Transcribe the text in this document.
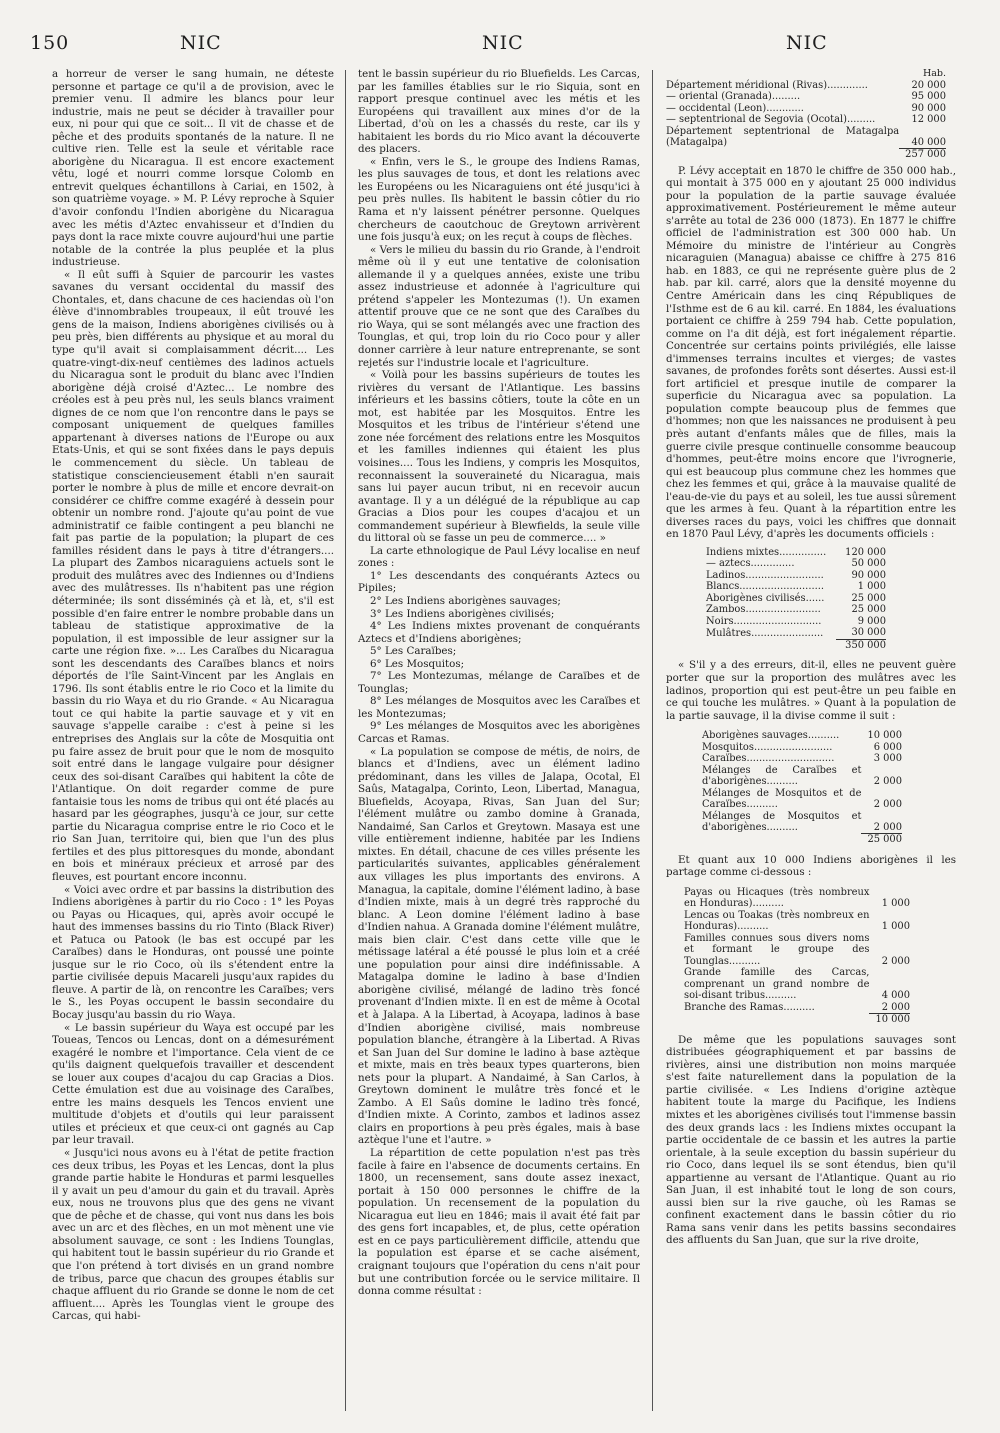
150	NIC	NIC	NIC

a horreur de verser le sang humain, ne déteste personne et partage ce qu'il a de provision, avec le premier venu. Il admire les blancs pour leur industrie, mais ne peut se décider à travailler pour eux, ni pour qui que ce soit... Il vit de chasse et de pêche et des produits spontanés de la nature. Il ne cultive rien. Telle est la seule et véritable race aborigène du Nicaragua. Il est encore exactement vêtu, logé et nourri comme lorsque Colomb en entrevit quelques échantillons à Cariai, en 1502, à son quatrième voyage. » M. P. Lévy reproche à Squier d'avoir confondu l'Indien aborigène du Nicaragua avec les métis d'Aztec envahisseur et d'Indien du pays dont la race mixte couvre aujourd'hui une partie notable de la contrée la plus peuplée et la plus industrieuse.

« Il eût suffi à Squier de parcourir les vastes savanes du versant occidental du massif des Chontales, et, dans chacune de ces haciendas où l'on élève d'innombrables troupeaux, il eût trouvé les gens de la maison, Indiens aborigènes civilisés ou à peu près, bien différents au physique et au moral du type qu'il avait si complaisamment décrit.... Les quatre-vingt-dix-neuf centièmes des ladinos actuels du Nicaragua sont le produit du blanc avec l'Indien aborigène déjà croisé d'Aztec... Le nombre des créoles est à peu près nul, les seuls blancs vraiment dignes de ce nom que l'on rencontre dans le pays se composant uniquement de quelques familles appartenant à diverses nations de l'Europe ou aux Etats-Unis, et qui se sont fixées dans le pays depuis le commencement du siècle. Un tableau de statistique consciencieusement établi n'en saurait porter le nombre à plus de mille et encore devrait-on considérer ce chiffre comme exagéré à dessein pour obtenir un nombre rond. J'ajoute qu'au point de vue administratif ce faible contingent a peu blanchi ne fait pas partie de la population; la plupart de ces familles résident dans le pays à titre d'étrangers.... La plupart des Zambos nicaraguiens actuels sont le produit des mulâtres avec des Indiennes ou d'Indiens avec des mulâtresses. Ils n'habitent pas une région déterminée; ils sont disséminés çà et là, et, s'il est possible d'en faire entrer le nombre probable dans un tableau de statistique approximative de la population, il est impossible de leur assigner sur la carte une région fixe. »... Les Caraïbes du Nicaragua sont les descendants des Caraïbes blancs et noirs déportés de l'île Saint-Vincent par les Anglais en 1796. Ils sont établis entre le rio Coco et la limite du bassin du rio Waya et du rio Grande. « Au Nicaragua tout ce qui habite la partie sauvage et y vit en sauvage s'appelle caraibe : c'est à peine si les entreprises des Anglais sur la côte de Mosquitia ont pu faire assez de bruit pour que le nom de mosquito soit entré dans le langage vulgaire pour désigner ceux des soi-disant Caraïbes qui habitent la côte de l'Atlantique. On doit regarder comme de pure fantaisie tous les noms de tribus qui ont été placés au hasard par les géographes, jusqu'à ce jour, sur cette partie du Nicaragua comprise entre le rio Coco et le rio San Juan, territoire qui, bien que l'un des plus fertiles et des plus pittoresques du monde, abondant en bois et minéraux précieux et arrosé par des fleuves, est pourtant encore inconnu.

« Voici avec ordre et par bassins la distribution des Indiens aborigènes à partir du rio Coco : 1° les Poyas ou Payas ou Hicaques, qui, après avoir occupé le haut des immenses bassins du rio Tinto (Black River) et Patuca ou Patook (le bas est occupé par les Caraïbes) dans le Honduras, ont poussé une pointe jusque sur le rio Coco, où ils s'étendent entre la partie civilisée depuis Macareli jusqu'aux rapides du fleuve. A partir de là, on rencontre les Caraïbes; vers le S., les Poyas occupent le bassin secondaire du Bocay jusqu'au bassin du rio Waya.

« Le bassin supérieur du Waya est occupé par les Toueas, Tencos ou Lencas, dont on a démesurément exagéré le nombre et l'importance. Cela vient de ce qu'ils daignent quelquefois travailler et descendent se louer aux coupes d'acajou du cap Gracias a Dios. Cette émulation est due au voisinage des Caraïbes, entre les mains desquels les Tencos envient une multitude d'objets et d'outils qui leur paraissent utiles et précieux et que ceux-ci ont gagnés au Cap par leur travail.

« Jusqu'ici nous avons eu à l'état de petite fraction ces deux tribus, les Poyas et les Lencas, dont la plus grande partie habite le Honduras et parmi lesquelles il y avait un peu d'amour du gain et du travail. Après eux, nous ne trouvons plus que des gens ne vivant que de pêche et de chasse, qui vont nus dans les bois avec un arc et des flèches, en un mot mènent une vie absolument sauvage, ce sont : les Indiens Tounglas, qui habitent tout le bassin supérieur du rio Grande et que l'on prétend à tort divisés en un grand nombre de tribus, parce que chacun des groupes établis sur chaque affluent du rio Grande se donne le nom de cet affluent.... Après les Tounglas vient le groupe des Carcas, qui habi-

tent le bassin supérieur du rio Bluefields. Les Carcas, par les familles établies sur le rio Siquia, sont en rapport presque continuel avec les métis et les Européens qui travaillent aux mines d'or de la Libertad, d'où on les a chassés du reste, car ils y habitaient les bords du rio Mico avant la découverte des placers.

« Enfin, vers le S., le groupe des Indiens Ramas, les plus sauvages de tous, et dont les relations avec les Européens ou les Nicaraguiens ont été jusqu'ici à peu près nulles. Ils habitent le bassin côtier du rio Rama et n'y laissent pénétrer personne. Quelques chercheurs de caoutchouc de Greytown arrivèrent une fois jusqu'à eux; on les reçut à coups de flèches.

« Vers le milieu du bassin du rio Grande, à l'endroit même où il y eut une tentative de colonisation allemande il y a quelques années, existe une tribu assez industrieuse et adonnée à l'agriculture qui prétend s'appeler les Montezumas (!). Un examen attentif prouve que ce ne sont que des Caraïbes du rio Waya, qui se sont mélangés avec une fraction des Tounglas, et qui, trop loin du rio Coco pour y aller donner carrière à leur nature entreprenante, se sont rejetés sur l'industrie locale et l'agriculture.

« Voilà pour les bassins supérieurs de toutes les rivières du versant de l'Atlantique. Les bassins inférieurs et les bassins côtiers, toute la côte en un mot, est habitée par les Mosquitos. Entre les Mosquitos et les tribus de l'intérieur s'étend une zone née forcément des relations entre les Mosquitos et les familles indiennes qui étaient les plus voisines.... Tous les Indiens, y compris les Mosquitos, reconnaissent la souveraineté du Nicaragua, mais sans lui payer aucun tribut, ni en recevoir aucun avantage. Il y a un délégué de la république au cap Gracias a Dios pour les coupes d'acajou et un commandement supérieur à Blewfields, la seule ville du littoral où se fasse un peu de commerce.... »

La carte ethnologique de Paul Lévy localise en neuf zones :

1° Les descendants des conquérants Aztecs ou Pipiles;

2° Les Indiens aborigènes sauvages;

3° Les Indiens aborigènes civilisés;

4° Les Indiens mixtes provenant de conquérants Aztecs et d'Indiens aborigènes;

5° Les Caraïbes;

6° Les Mosquitos;

7° Les Montezumas, mélange de Caraïbes et de Tounglas;

8° Les mélanges de Mosquitos avec les Caraïbes et les Montezumas;

9° Les mélanges de Mosquitos avec les aborigènes Carcas et Ramas.

« La population se compose de métis, de noirs, de blancs et d'Indiens, avec un élément ladino prédominant, dans les villes de Jalapa, Ocotal, El Saûs, Matagalpa, Corinto, Leon, Libertad, Managua, Bluefields, Acoyapa, Rivas, San Juan del Sur; l'élément mulâtre ou zambo domine à Granada, Nandaimé, San Carlos et Greytown. Masaya est une ville entièrement indienne, habitée par les Indiens mixtes. En détail, chacune de ces villes présente les particularités suivantes, applicables généralement aux villages les plus importants des environs. A Managua, la capitale, domine l'élément ladino, à base d'Indien mixte, mais à un degré très rapproché du blanc. A Leon domine l'élément ladino à base d'Indien nahua. A Granada domine l'élément mulâtre, mais bien clair. C'est dans cette ville que le métissage latéral a été poussé le plus loin et a créé une population pour ainsi dire indéfinissable. A Matagalpa domine le ladino à base d'Indien aborigène civilisé, mélangé de ladino très foncé provenant d'Indien mixte. Il en est de même à Ocotal et à Jalapa. A la Libertad, à Acoyapa, ladinos à base d'Indien aborigène civilisé, mais nombreuse population blanche, étrangère à la Libertad. A Rivas et San Juan del Sur domine le ladino à base aztèque et mixte, mais en très beaux types quarterons, bien nets pour la plupart. A Nandaimé, à San Carlos, à Greytown dominent le mulâtre très foncé et le Zambo. A El Saûs domine le ladino très foncé, d'Indien mixte. A Corinto, zambos et ladinos assez clairs en proportions à peu près égales, mais à base aztèque l'une et l'autre. »

La répartition de cette population n'est pas très facile à faire en l'absence de documents certains. En 1800, un recensement, sans doute assez inexact, portait à 150 000 personnes le chiffre de la population. Un recensement de la population du Nicaragua eut lieu en 1846; mais il avait été fait par des gens fort incapables, et, de plus, cette opération est en ce pays particulièrement difficile, attendu que la population est éparse et se cache aisément, craignant toujours que l'opération du cens n'ait pour but une contribution forcée ou le service militaire. Il donna comme résultat :

Hab.	
Département méridional (Rivas).............	20 000
— oriental (Granada).........	95 000
— occidental (Leon)............	90 000
— septentrional de Segovia (Ocotal).........	12 000
Département septentrional de Matagalpa (Matagalpa)	40 000
	257 000

P. Lévy acceptait en 1870 le chiffre de 350 000 hab., qui montait à 375 000 en y ajoutant 25 000 individus pour la population de la partie sauvage évaluée approximativement. Postérieurement le même auteur s'arrête au total de 236 000 (1873). En 1877 le chiffre officiel de l'administration est 300 000 hab. Un Mémoire du ministre de l'intérieur au Congrès nicaraguien (Managua) abaisse ce chiffre à 275 816 hab. en 1883, ce qui ne représente guère plus de 2 hab. par kil. carré, alors que la densité moyenne du Centre Américain dans les cinq Républiques de l'Isthme est de 6 au kil. carré. En 1884, les évaluations portaient ce chiffre à 259 794 hab. Cette population, comme on l'a dit déjà, est fort inégalement répartie. Concentrée sur certains points privilégiés, elle laisse d'immenses terrains incultes et vierges; de vastes savanes, de profondes forêts sont désertes. Aussi est-il fort artificiel et presque inutile de comparer la superficie du Nicaragua avec sa population. La population compte beaucoup plus de femmes que d'hommes; non que les naissances ne produisent à peu près autant d'enfants mâles que de filles, mais la guerre civile presque continuelle consomme beaucoup d'hommes, peut-être moins encore que l'ivrognerie, qui est beaucoup plus commune chez les hommes que chez les femmes et qui, grâce à la mauvaise qualité de l'eau-de-vie du pays et au soleil, les tue aussi sûrement que les armes à feu. Quant à la répartition entre les diverses races du pays, voici les chiffres que donnait en 1870 Paul Lévy, d'après les documents officiels :

Indiens mixtes...............	120 000
— aztecs..............	50 000
Ladinos.........................	90 000
Blancs...........................	1 000
Aborigènes civilisés......	25 000
Zambos........................	25 000
Noirs............................	9 000
Mulâtres.......................	30 000
	350 000

« S'il y a des erreurs, dit-il, elles ne peuvent guère porter que sur la proportion des mulâtres avec les ladinos, proportion qui est peut-être un peu faible en ce qui touche les mulâtres. » Quant à la population de la partie sauvage, il la divise comme il suit :

Aborigènes sauvages..........	10 000
Mosquitos.........................	6 000
Caraïbes............................	3 000
Mélanges de Caraïbes et d'aborigènes..........	2 000
Mélanges de Mosquitos et de Caraïbes..........	2 000
Mélanges de Mosquitos et d'aborigènes..........	2 000
	25 000

Et quant aux 10 000 Indiens aborigènes il les partage comme ci-dessous :

Payas ou Hicaques (très nombreux en Honduras)..........	1 000
Lencas ou Toakas (très nombreux en Honduras)..........	1 000
Familles connues sous divers noms et formant le groupe des Tounglas..........	2 000
Grande famille des Carcas, comprenant un grand nombre de soi-disant tribus..........	4 000
Branche des Ramas..........	2 000
	10 000

De même que les populations sauvages sont distribuées géographiquement et par bassins de rivières, ainsi une distribution non moins marquée s'est faite naturellement dans la population de la partie civilisée. « Les Indiens d'origine aztèque habitent toute la marge du Pacifique, les Indiens mixtes et les aborigènes civilisés tout l'immense bassin des deux grands lacs : les Indiens mixtes occupant la partie occidentale de ce bassin et les autres la partie orientale, à la seule exception du bassin supérieur du rio Coco, dans lequel ils se sont étendus, bien qu'il appartienne au versant de l'Atlantique. Quant au rio San Juan, il est inhabité tout le long de son cours, aussi bien sur la rive gauche, où les Ramas se confinent exactement dans le bassin côtier du rio Rama sans venir dans les petits bassins secondaires des affluents du San Juan, que sur la rive droite,
